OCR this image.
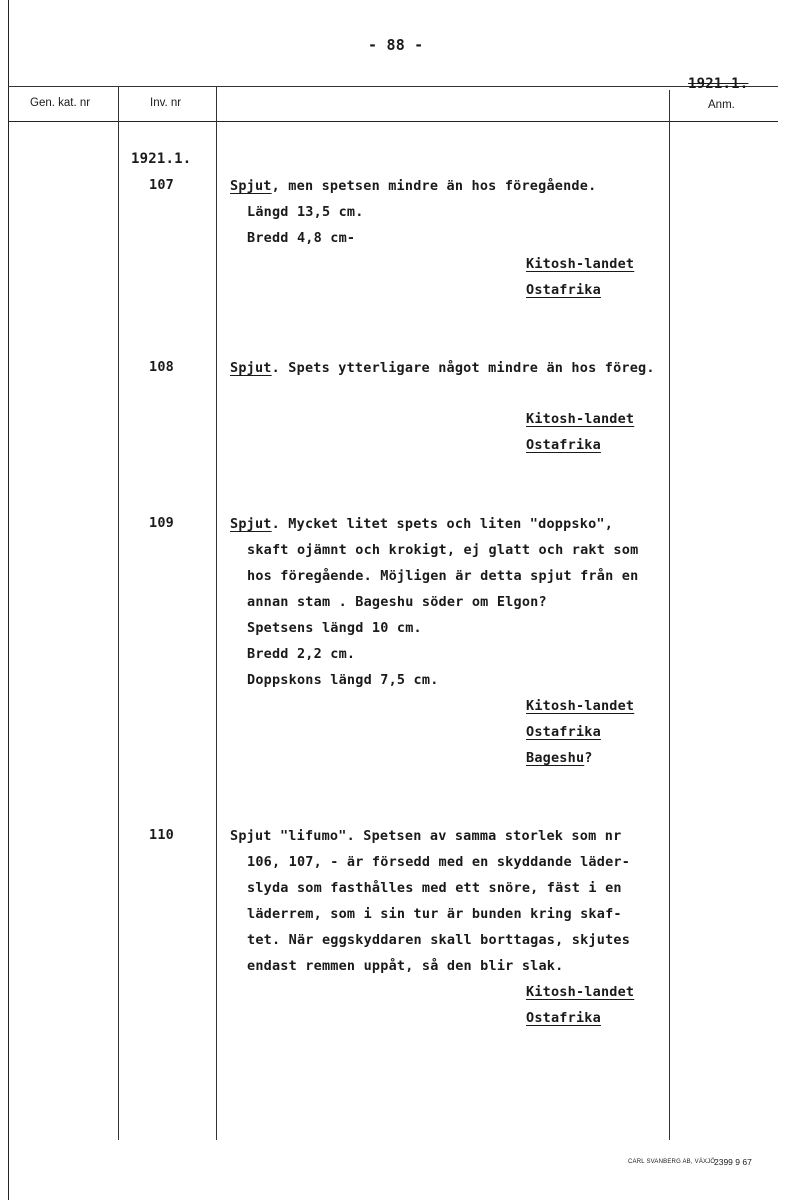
- 88 -
1921.1.
Gen. kat. nr	Inv. nr	Anm.
1921.1.
107	Spjut, men spetsen mindre än hos föregående.
Längd 13,5 cm.
Bredd 4,8 cm-
Kitosh-landet
Ostafrika
108	Spjut. Spets ytterligare något mindre än hos föreg.
Kitosh-landet
Ostafrika
109	Spjut. Mycket litet spets och liten "doppsko",
skaft ojämnt och krokigt, ej glatt och rakt som
hos föregående. Möjligen är detta spjut från en
annan stam . Bageshu söder om Elgon?
Spetsens längd 10 cm.
Bredd 2,2 cm.
Doppskons längd 7,5 cm.
Kitosh-landet
Ostafrika
Bageshu?
110	Spjut "lifumo". Spetsen av samma storlek som nr
106, 107, - är försedd med en skyddande läder-
slyda som fasthålles med ett snöre, fäst i en
läderrem, som i sin tur är bunden kring skaf-
tet. När eggskyddaren skall borttagas, skjutes
endast remmen uppåt, så den blir slak.
Kitosh-landet
Ostafrika
CARL SVANBERG AB, VÄXJÖ
2399 9 67
